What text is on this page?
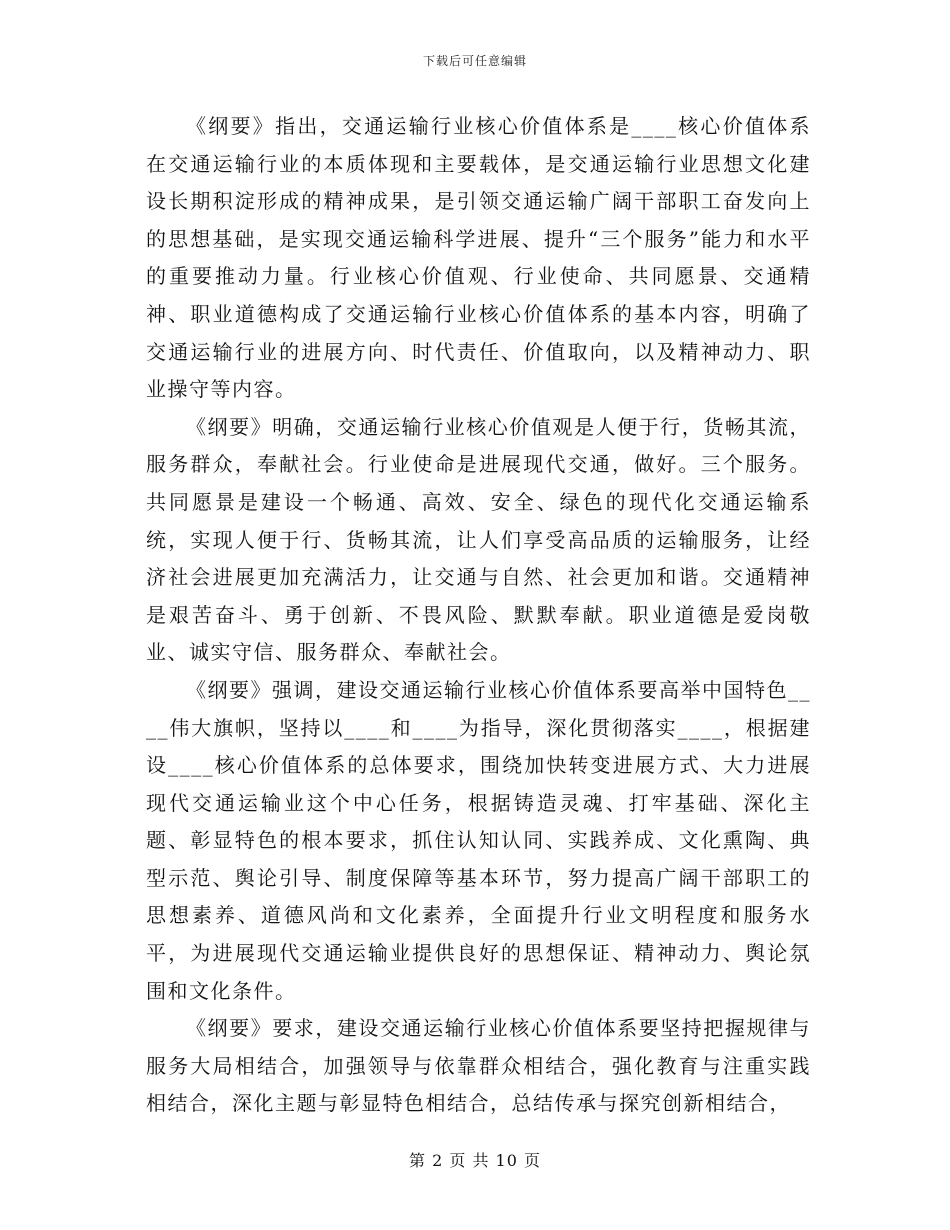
下载后可任意编辑

《纲要》指出，交通运输行业核心价值体系是____核心价值体系在交通运输行业的本质体现和主要载体，是交通运输行业思想文化建设长期积淀形成的精神成果，是引领交通运输广阔干部职工奋发向上的思想基础，是实现交通运输科学进展、提升“三个服务”能力和水平的重要推动力量。行业核心价值观、行业使命、共同愿景、交通精神、职业道德构成了交通运输行业核心价值体系的基本内容，明确了交通运输行业的进展方向、时代责任、价值取向，以及精神动力、职业操守等内容。

《纲要》明确，交通运输行业核心价值观是人便于行，货畅其流，服务群众，奉献社会。行业使命是进展现代交通，做好。三个服务。共同愿景是建设一个畅通、高效、安全、绿色的现代化交通运输系统，实现人便于行、货畅其流，让人们享受高品质的运输服务，让经济社会进展更加充满活力，让交通与自然、社会更加和谐。交通精神是艰苦奋斗、勇于创新、不畏风险、默默奉献。职业道德是爱岗敬业、诚实守信、服务群众、奉献社会。

《纲要》强调，建设交通运输行业核心价值体系要高举中国特色____伟大旗帜，坚持以____和____为指导，深化贯彻落实____，根据建设____核心价值体系的总体要求，围绕加快转变进展方式、大力进展现代交通运输业这个中心任务，根据铸造灵魂、打牢基础、深化主题、彰显特色的根本要求，抓住认知认同、实践养成、文化熏陶、典型示范、舆论引导、制度保障等基本环节，努力提高广阔干部职工的思想素养、道德风尚和文化素养，全面提升行业文明程度和服务水平，为进展现代交通运输业提供良好的思想保证、精神动力、舆论氛围和文化条件。

《纲要》要求，建设交通运输行业核心价值体系要坚持把握规律与服务大局相结合，加强领导与依靠群众相结合，强化教育与注重实践相结合，深化主题与彰显特色相结合，总结传承与探究创新相结合，

第 2 页 共 10 页
